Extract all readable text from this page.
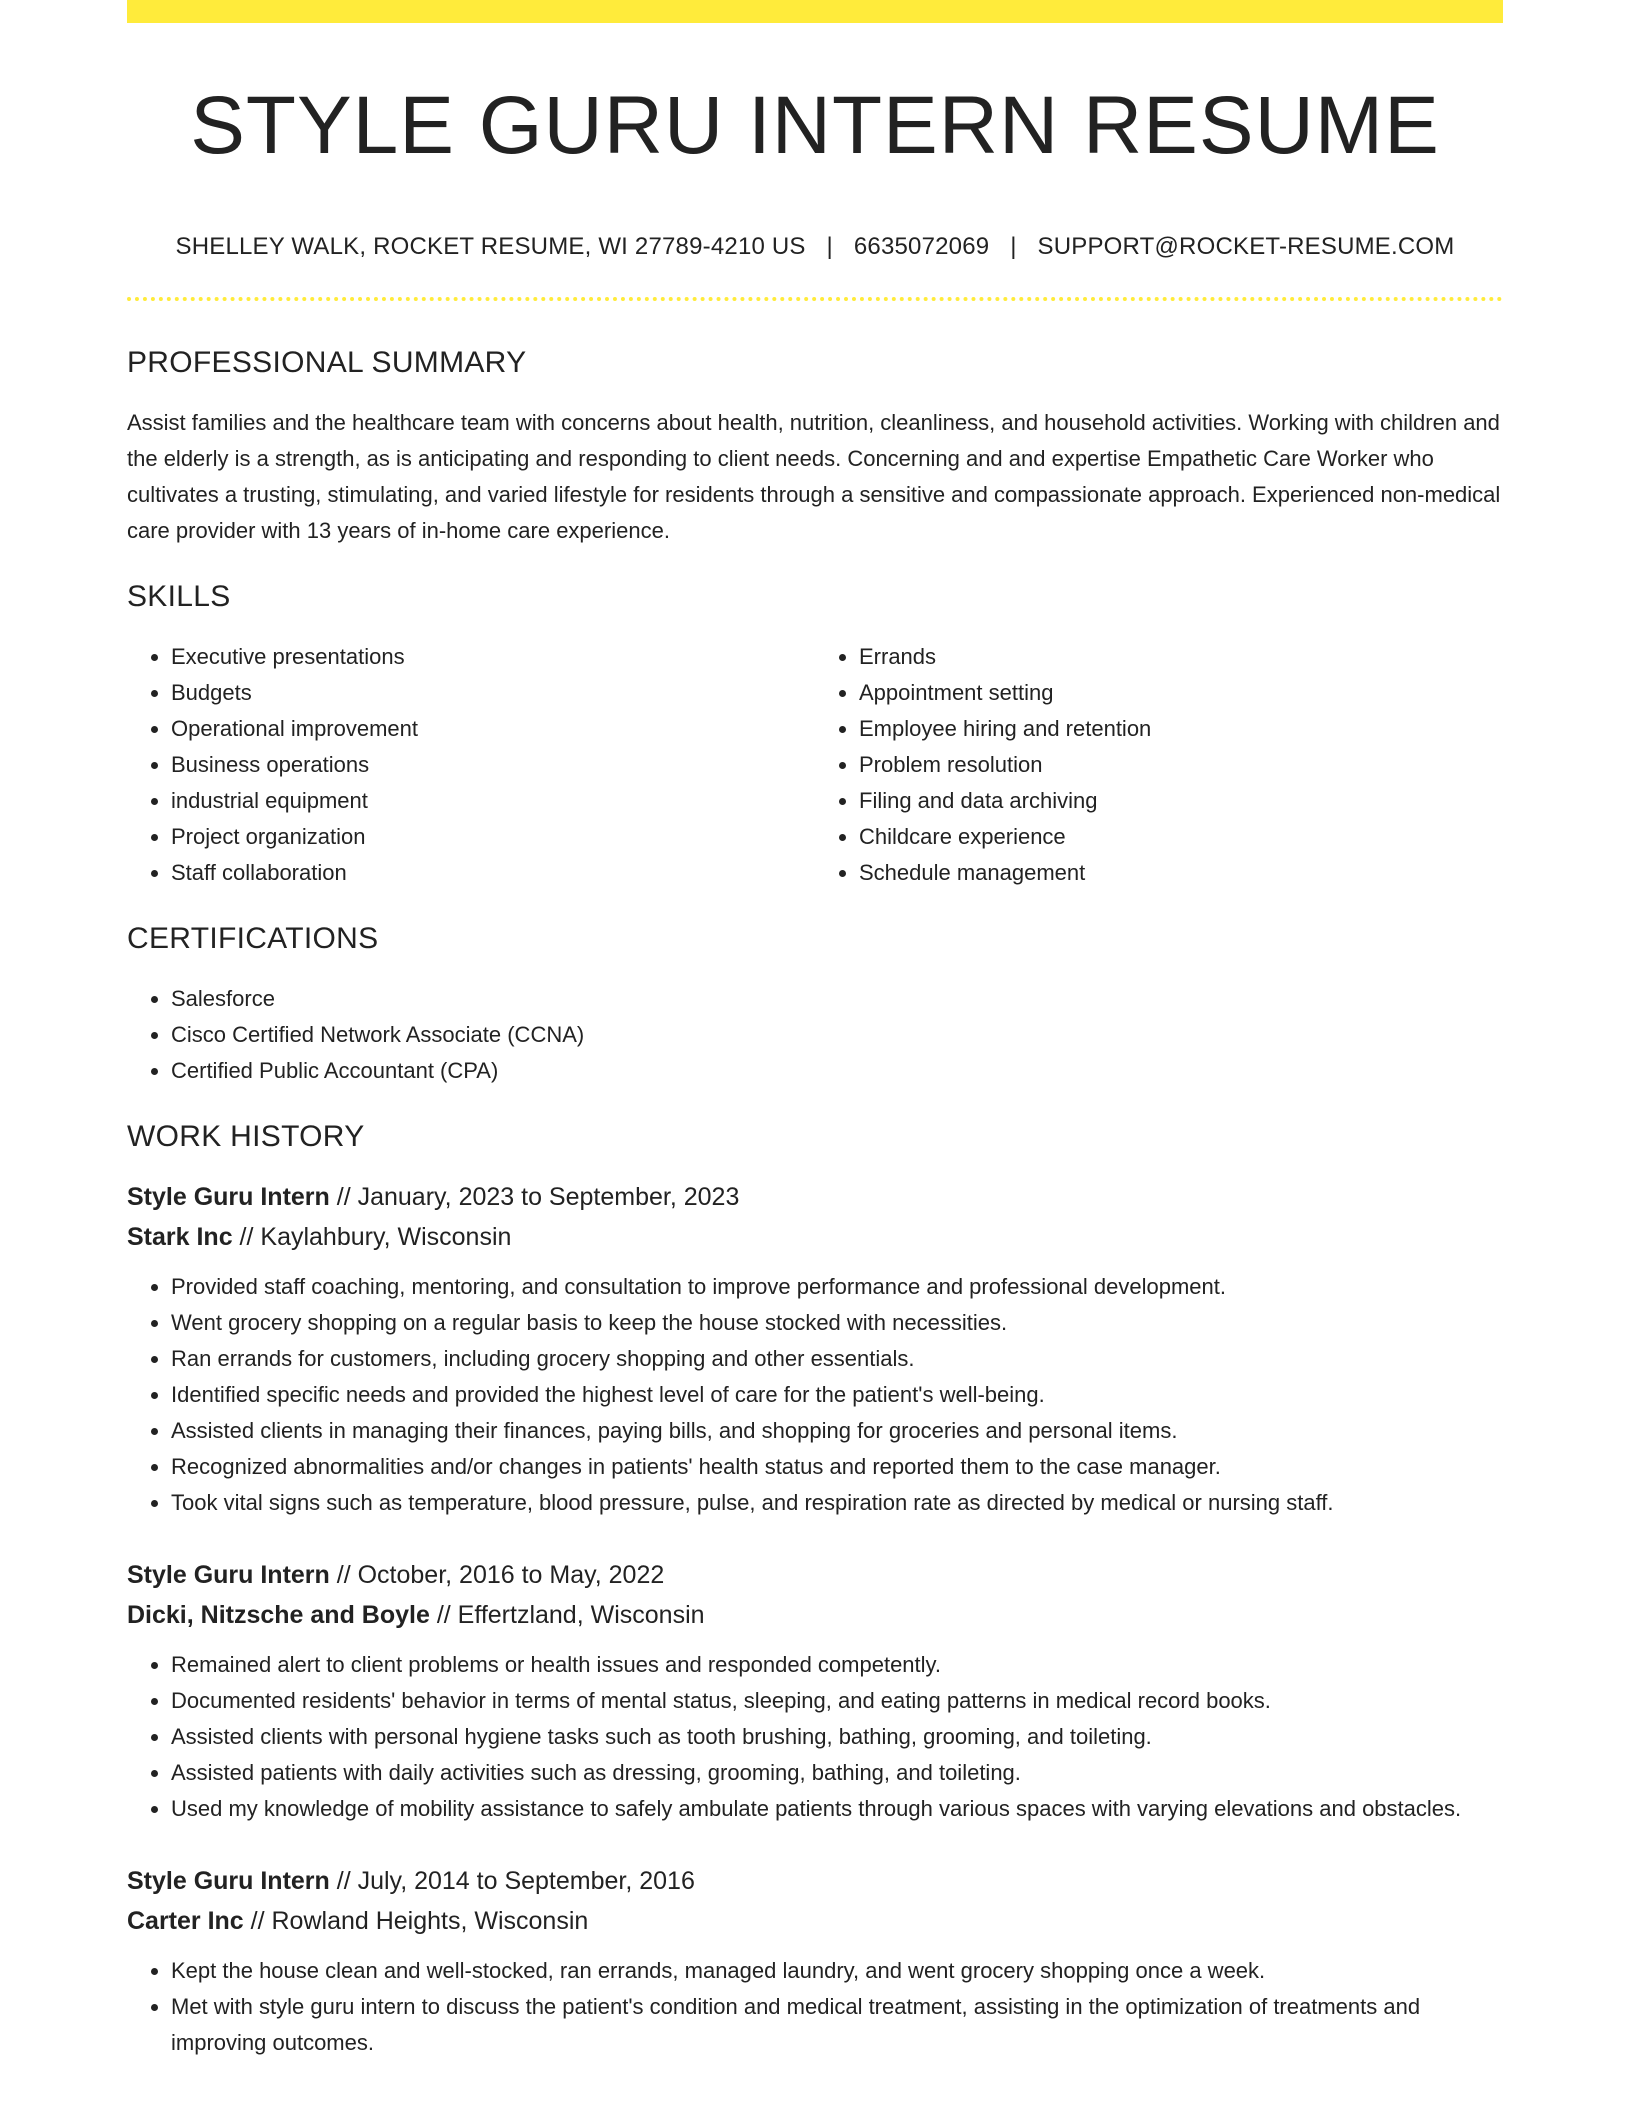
STYLE GURU INTERN RESUME
SHELLEY WALK, ROCKET RESUME, WI 27789-4210 US | 6635072069 | SUPPORT@ROCKET-RESUME.COM
PROFESSIONAL SUMMARY

Assist families and the healthcare team with concerns about health, nutrition, cleanliness, and household activities. Working with children and the elderly is a strength, as is anticipating and responding to client needs. Concerning and and expertise Empathetic Care Worker who cultivates a trusting, stimulating, and varied lifestyle for residents through a sensitive and compassionate approach. Experienced non-medical care provider with 13 years of in-home care experience.

SKILLS
• Executive presentations
• Budgets
• Operational improvement
• Business operations
• industrial equipment
• Project organization
• Staff collaboration
• Errands
• Appointment setting
• Employee hiring and retention
• Problem resolution
• Filing and data archiving
• Childcare experience
• Schedule management
CERTIFICATIONS
• Salesforce
• Cisco Certified Network Associate (CCNA)
• Certified Public Accountant (CPA)
WORK HISTORY
Style Guru Intern // January, 2023 to September, 2023
Stark Inc // Kaylahbury, Wisconsin
• Provided staff coaching, mentoring, and consultation to improve performance and professional development.
• Went grocery shopping on a regular basis to keep the house stocked with necessities.
• Ran errands for customers, including grocery shopping and other essentials.
• Identified specific needs and provided the highest level of care for the patient's well-being.
• Assisted clients in managing their finances, paying bills, and shopping for groceries and personal items.
• Recognized abnormalities and/or changes in patients' health status and reported them to the case manager.
• Took vital signs such as temperature, blood pressure, pulse, and respiration rate as directed by medical or nursing staff.
Style Guru Intern // October, 2016 to May, 2022
Dicki, Nitzsche and Boyle // Effertzland, Wisconsin
• Remained alert to client problems or health issues and responded competently.
• Documented residents' behavior in terms of mental status, sleeping, and eating patterns in medical record books.
• Assisted clients with personal hygiene tasks such as tooth brushing, bathing, grooming, and toileting.
• Assisted patients with daily activities such as dressing, grooming, bathing, and toileting.
• Used my knowledge of mobility assistance to safely ambulate patients through various spaces with varying elevations and obstacles.
Style Guru Intern // July, 2014 to September, 2016
Carter Inc // Rowland Heights, Wisconsin
• Kept the house clean and well-stocked, ran errands, managed laundry, and went grocery shopping once a week.
• Met with style guru intern to discuss the patient's condition and medical treatment, assisting in the optimization of treatments and improving outcomes.
